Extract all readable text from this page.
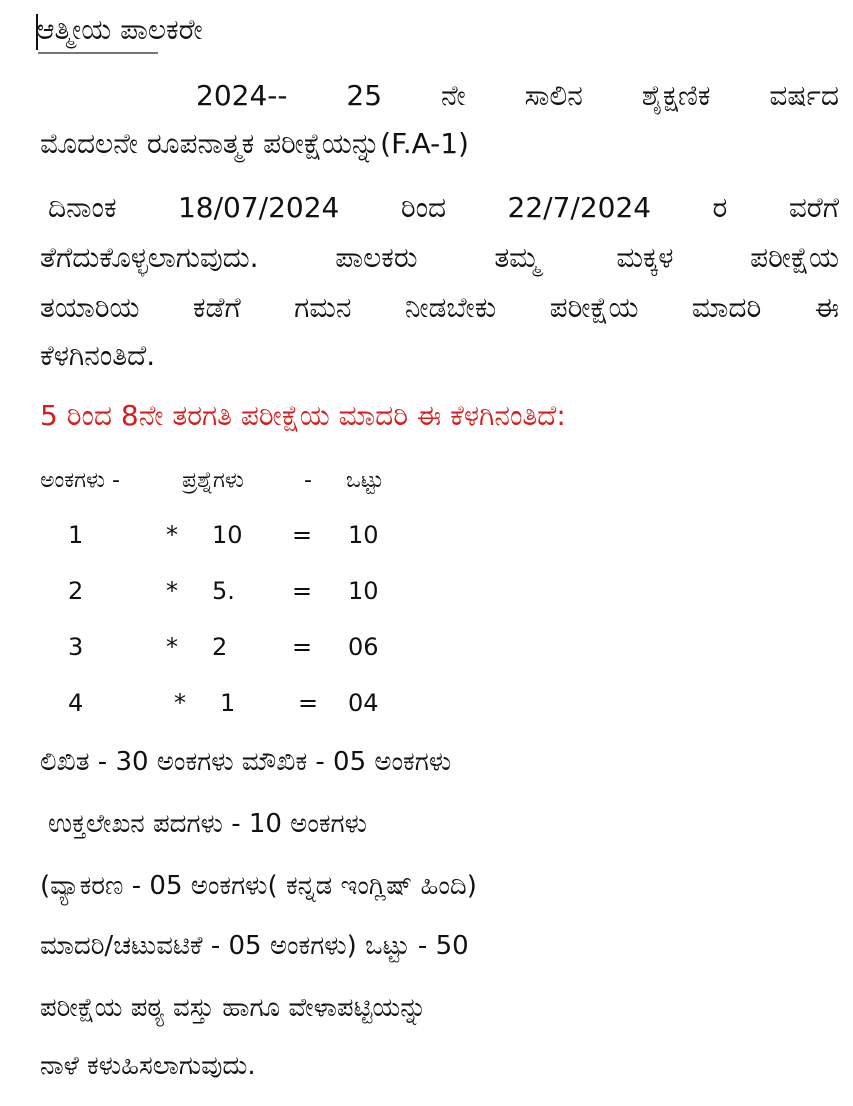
ಆತ್ಮೀಯ ಪಾಲಕರೇ
2024-- 25 ನೇ ಸಾಲಿನ ಶೈಕ್ಷಣಿಕ ವರ್ಷದ
ಮೊದಲನೇ ರೂಪನಾತ್ಮಕ ಪರೀಕ್ಷೆಯನ್ನು(F.A-1)
ದಿನಾಂಕ 18/07/2024 ರಿಂದ 22/7/2024 ರ ವರೆಗೆ
ತೆಗೆದುಕೊಳ್ಳಲಾಗುವುದು. ಪಾಲಕರು ತಮ್ಮ ಮಕ್ಕಳ ಪರೀಕ್ಷೆಯ
ತಯಾರಿಯ ಕಡೆಗೆ ಗಮನ ನೀಡಬೇಕು ಪರೀಕ್ಷೆಯ ಮಾದರಿ ಈ
ಕೆಳಗಿನಂತಿದೆ.
5 ರಿಂದ 8ನೇ ತರಗತಿ ಪರೀಕ್ಷೆಯ ಮಾದರಿ ಈ ಕೆಳಗಿನಂತಿದೆ:
ಅಂಕಗಳು -	ಪ್ರಶ್ನೆಗಳು	- ಒಟ್ಟು
1	* 10 = 10
2	* 5. = 10
3	* 2	= 06
4	* 1	= 04
ಲಿಖಿತ - 30 ಅಂಕಗಳು ಮೌಖಿಕ - 05 ಅಂಕಗಳು
ಉಕ್ತಲೇಖನ ಪದಗಳು - 10 ಅಂಕಗಳು
(ವ್ಯಾಕರಣ - 05 ಅಂಕಗಳು( ಕನ್ನಡ ಇಂಗ್ಲಿಷ್ ಹಿಂದಿ)
ಮಾದರಿ/ಚಟುವಟಿಕೆ - 05 ಅಂಕಗಳು) ಒಟ್ಟು - 50
ಪರೀಕ್ಷೆಯ ಪಠ್ಯ ವಸ್ತು ಹಾಗೂ ವೇಳಾಪಟ್ಟಿಯನ್ನು
ನಾಳೆ ಕಳುಹಿಸಲಾಗುವುದು.
